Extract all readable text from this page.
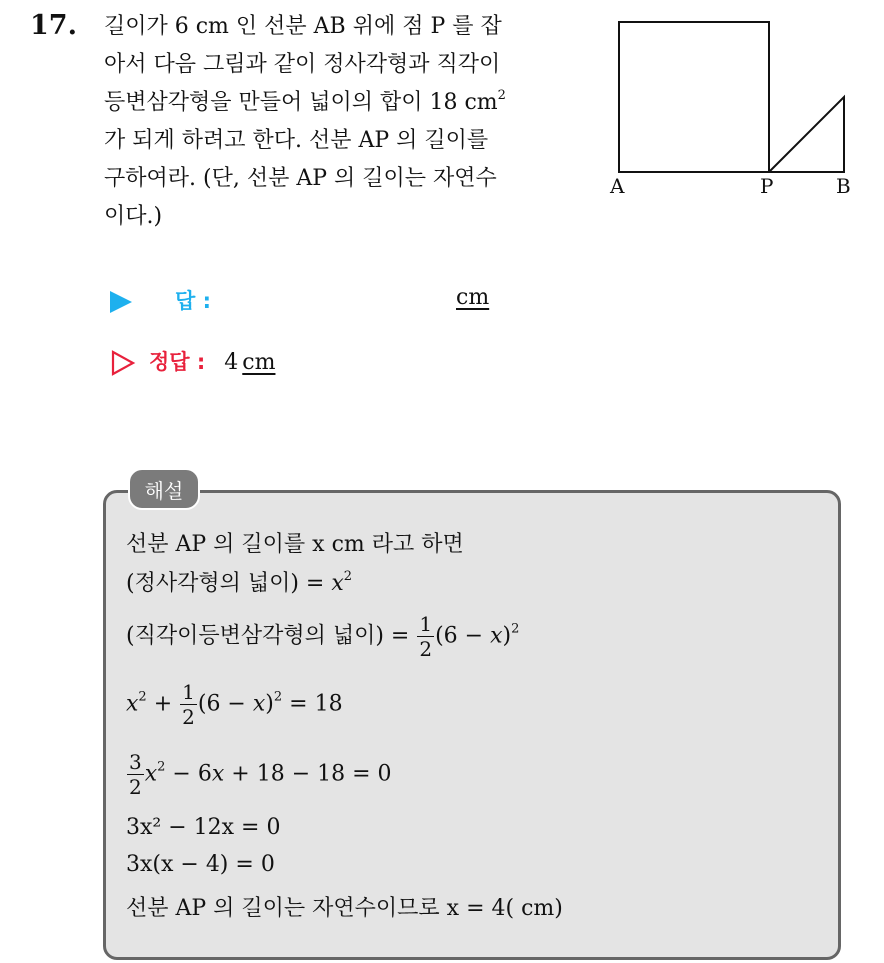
17. 길이가 6 cm 인 선분 AB 위에 점 P 를 잡
아서 다음 그림과 같이 정사각형과 직각이
등변삼각형을 만들어 넓이의 합이 18 $cm^2$
가 되게 하려고 한다. 선분 AP 의 길이를
구하여라. (단, 선분 AP 의 길이는 자연수
이다.)
A	P	B
답 :	cm
정답 : 4 cm
해설
선분 AP 의 길이를 x cm 라고 하면
(정사각형의 넓이) = $x^2$
(직각이등변삼각형의 넓이) = $\frac{1}{2} (6 - x)^2$
$x^2 + \frac{1}{2} (6 - x)^2 = 18$
$\frac{3}{2} x^2 - 6x + 18 - 18 = 0$
3x² − 12x = 0
3x(x − 4) = 0
선분 AP 의 길이는 자연수이므로 x = 4( cm)
